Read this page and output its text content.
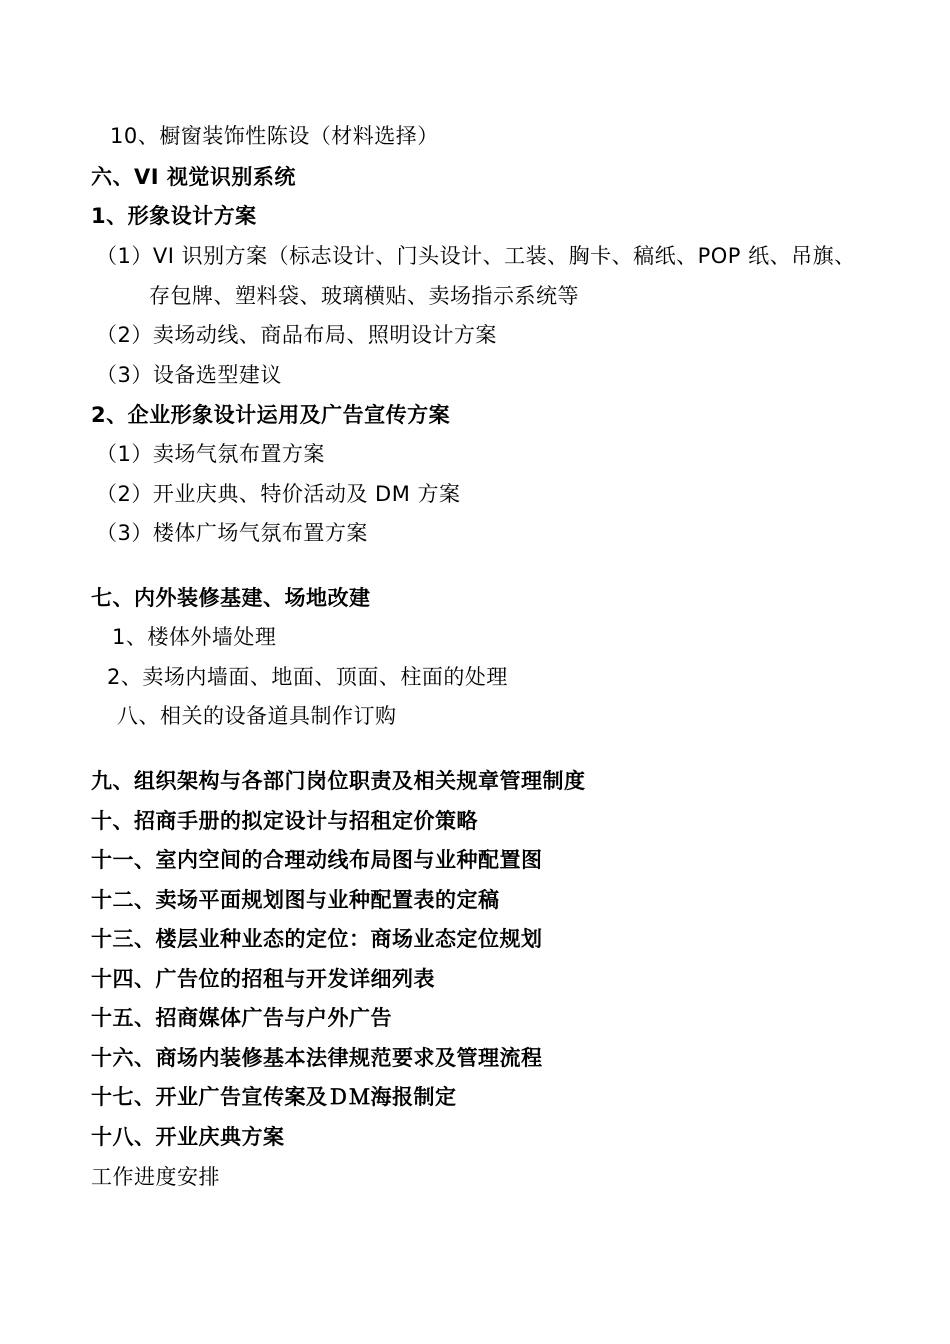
10、橱窗装饰性陈设（材料选择）
六、VI 视觉识别系统
1、形象设计方案
（1）VI 识别方案（标志设计、门头设计、工装、胸卡、稿纸、POP 纸、吊旗、
存包牌、塑料袋、玻璃横贴、卖场指示系统等
（2）卖场动线、商品布局、照明设计方案
（3）设备选型建议
2、企业形象设计运用及广告宣传方案
（1）卖场气氛布置方案
（2）开业庆典、特价活动及 DM 方案
（3）楼体广场气氛布置方案
七、内外装修基建、场地改建
1、楼体外墙处理
2、卖场内墙面、地面、顶面、柱面的处理
八、相关的设备道具制作订购
九、组织架构与各部门岗位职责及相关规章管理制度
十、招商手册的拟定设计与招租定价策略
十一、室内空间的合理动线布局图与业种配置图
十二、卖场平面规划图与业种配置表的定稿
十三、楼层业种业态的定位：商场业态定位规划
十四、广告位的招租与开发详细列表
十五、招商媒体广告与户外广告
十六、商场内装修基本法律规范要求及管理流程
十七、开业广告宣传案及ＤＭ海报制定
十八、开业庆典方案
工作进度安排
